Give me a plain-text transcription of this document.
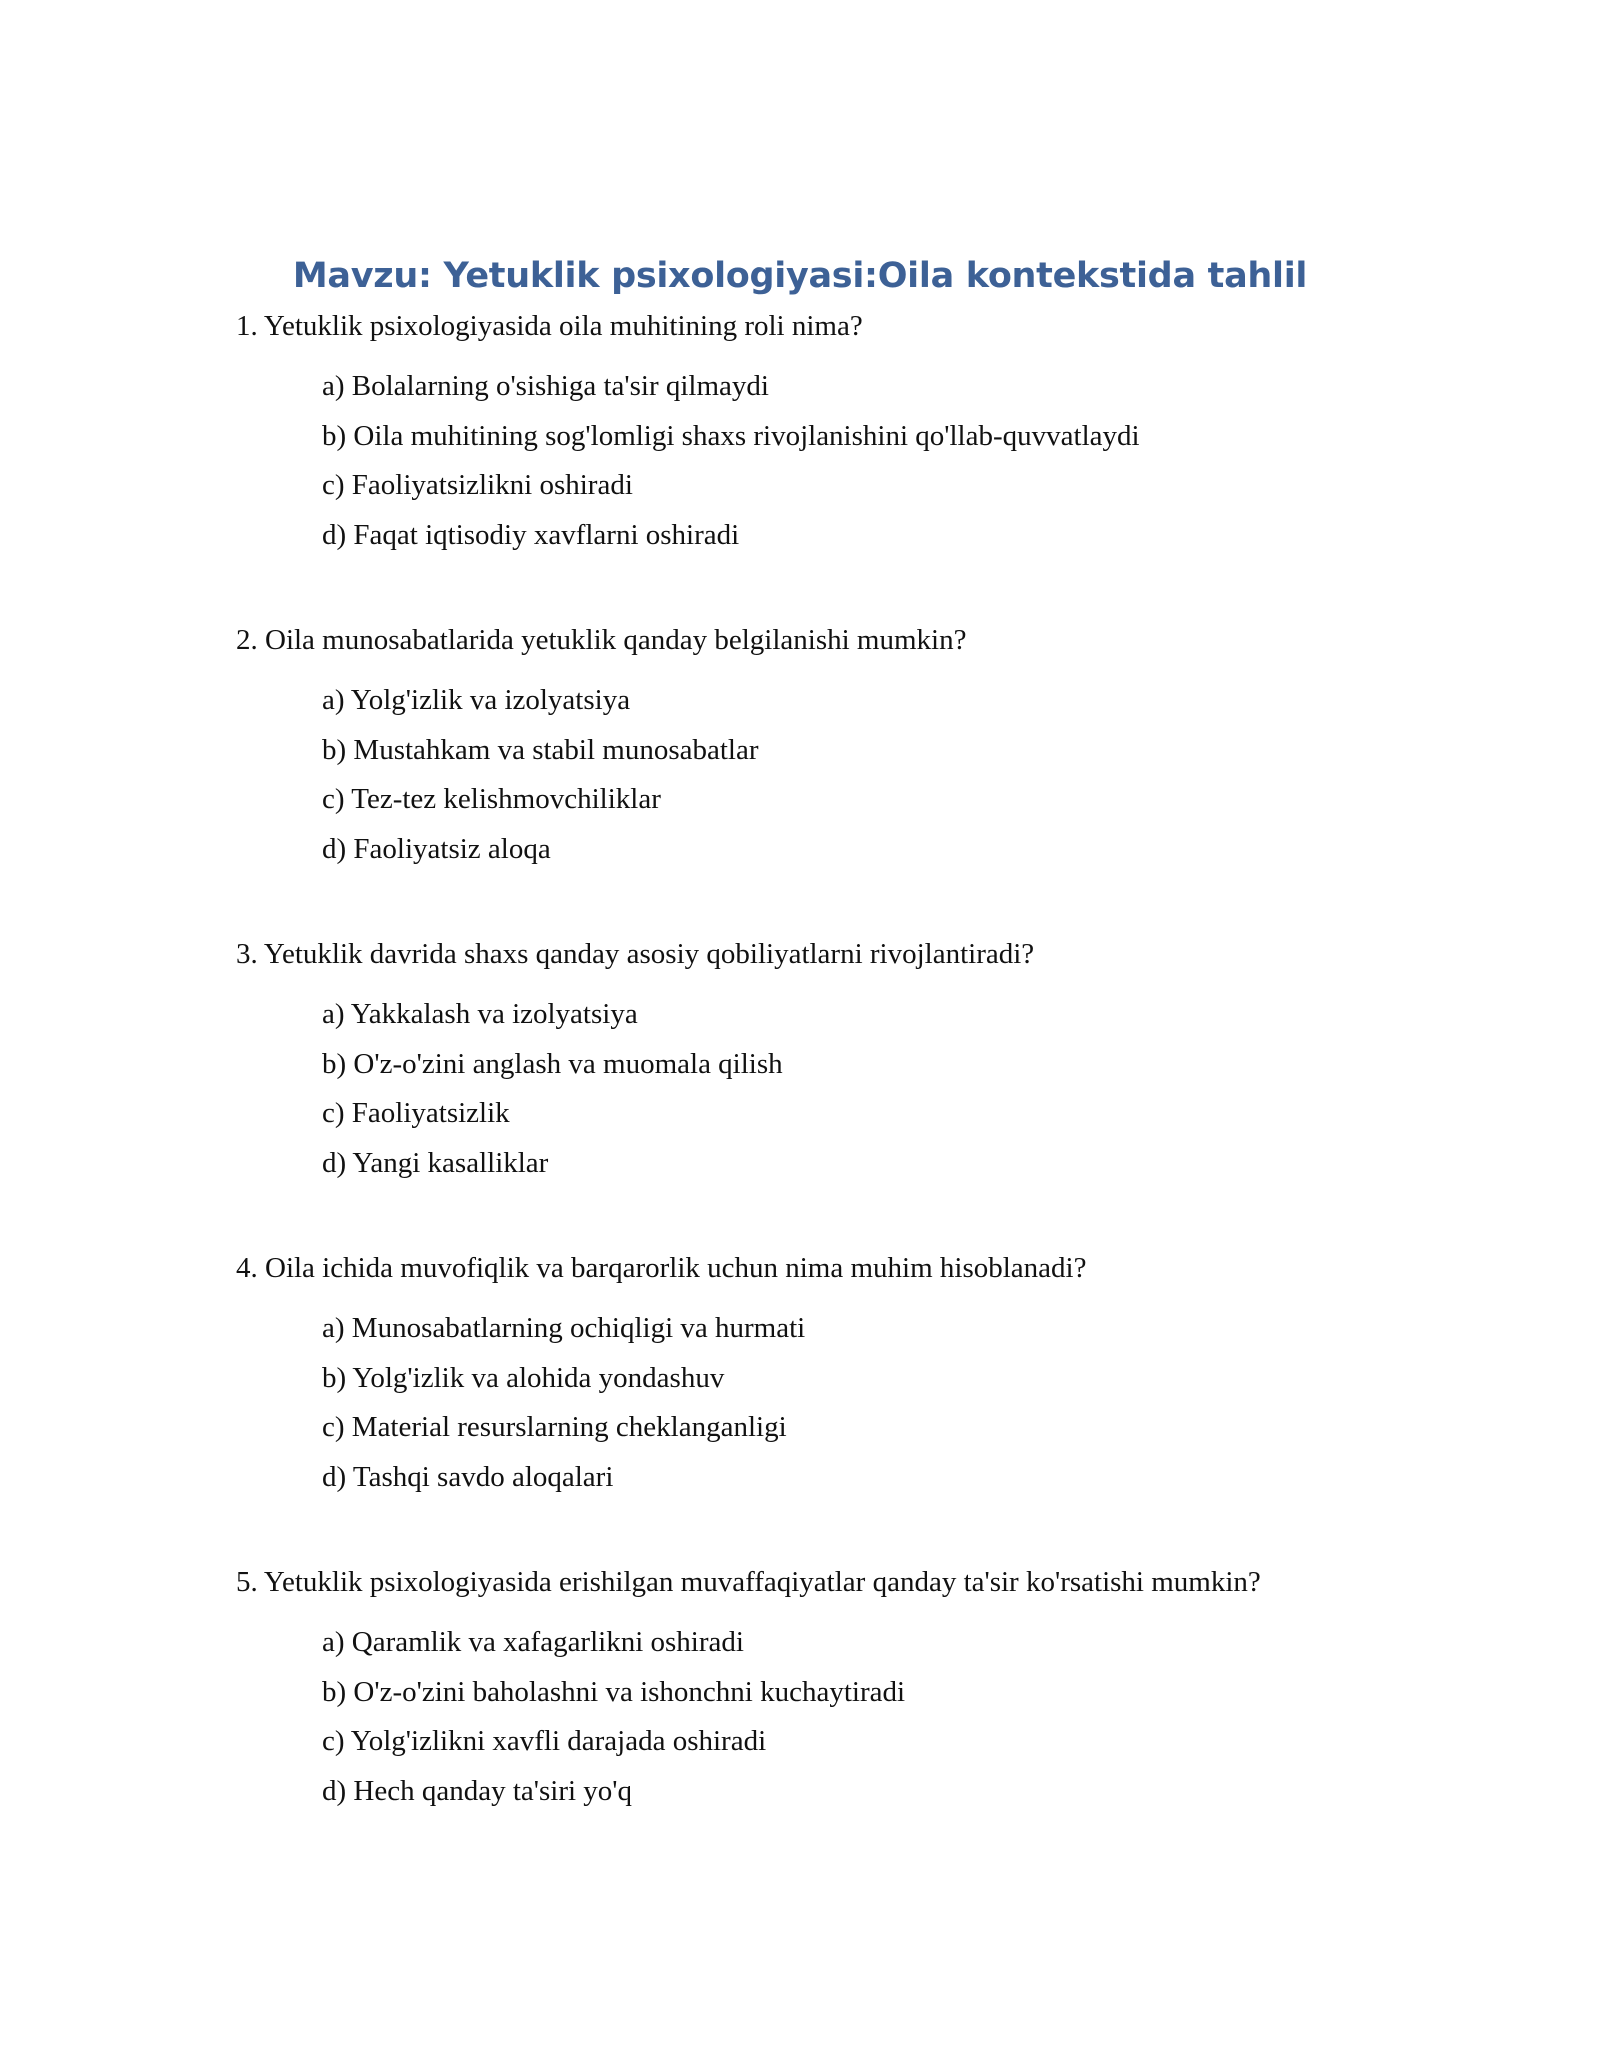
Mavzu: Yetuklik psixologiyasi:Oila kontekstida tahlil
1. Yetuklik psixologiyasida oila muhitining roli nima?
a) Bolalarning o'sishiga ta'sir qilmaydi
b) Oila muhitining sog'lomligi shaxs rivojlanishini qo'llab-quvvatlaydi
c) Faoliyatsizlikni oshiradi
d) Faqat iqtisodiy xavflarni oshiradi
2. Oila munosabatlarida yetuklik qanday belgilanishi mumkin?
a) Yolg'izlik va izolyatsiya
b) Mustahkam va stabil munosabatlar
c) Tez-tez kelishmovchiliklar
d) Faoliyatsiz aloqa
3. Yetuklik davrida shaxs qanday asosiy qobiliyatlarni rivojlantiradi?
a) Yakkalash va izolyatsiya
b) O'z-o'zini anglash va muomala qilish
c) Faoliyatsizlik
d) Yangi kasalliklar
4. Oila ichida muvofiqlik va barqarorlik uchun nima muhim hisoblanadi?
a) Munosabatlarning ochiqligi va hurmati
b) Yolg'izlik va alohida yondashuv
c) Material resurslarning cheklanganligi
d) Tashqi savdo aloqalari
5. Yetuklik psixologiyasida erishilgan muvaffaqiyatlar qanday ta'sir ko'rsatishi mumkin?
a) Qaramlik va xafagarlikni oshiradi
b) O'z-o'zini baholashni va ishonchni kuchaytiradi
c) Yolg'izlikni xavfli darajada oshiradi
d) Hech qanday ta'siri yo'q
